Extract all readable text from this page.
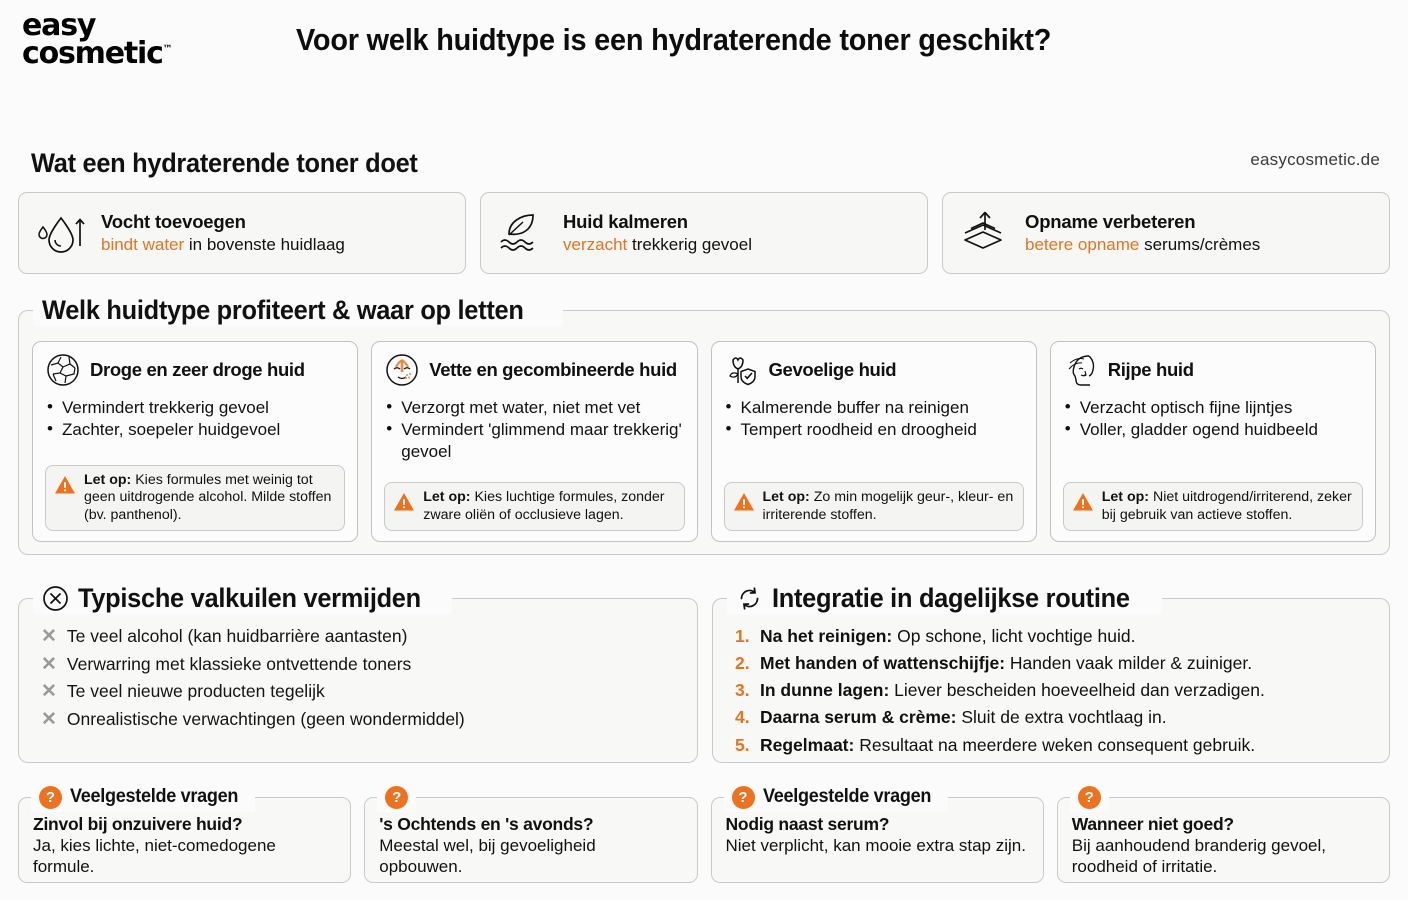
easy
cosmetic™	Voor welk huidtype is een hydraterende toner geschikt?
easycosmetic.de
Wat een hydraterende toner doet
Vocht toevoegen
bindt water in bovenste huidlaag
Huid kalmeren
verzacht trekkerig gevoel
Opname verbeteren
betere opname serums/crèmes
Welk huidtype profiteert & waar op letten
Droge en zeer droge huid
• Vermindert trekkerig gevoel
• Zachter, soepeler huidgevoel
Let op: Kies formules met weinig tot geen uitdrogende alcohol. Milde stoffen (bv. panthenol).
Vette en gecombineerde huid
• Verzorgt met water, niet met vet
• Vermindert 'glimmend maar trekkerig' gevoel
Let op: Kies luchtige formules, zonder zware oliën of occlusieve lagen.
Gevoelige huid
• Kalmerende buffer na reinigen
• Tempert roodheid en droogheid
Let op: Zo min mogelijk geur-, kleur- en irriterende stoffen.
Rijpe huid
• Verzacht optisch fijne lijntjes
• Voller, gladder ogend huidbeeld
Let op: Niet uitdrogend/irriterend, zeker bij gebruik van actieve stoffen.
Typische valkuilen vermijden
✕ Te veel alcohol (kan huidbarrière aantasten)
✕ Verwarring met klassieke ontvettende toners
✕ Te veel nieuwe producten tegelijk
✕ Onrealistische verwachtingen (geen wondermiddel)
Integratie in dagelijkse routine
1. Na het reinigen: Op schone, licht vochtige huid.
2. Met handen of wattenschijfje: Handen vaak milder & zuiniger.
3. In dunne lagen: Liever bescheiden hoeveelheid dan verzadigen.
4. Daarna serum & crème: Sluit de extra vochtlaag in.
5. Regelmaat: Resultaat na meerdere weken consequent gebruik.
? Veelgestelde vragen
Zinvol bij onzuivere huid?
Ja, kies lichte, niet-comedogene formule.
?
's Ochtends en 's avonds?
Meestal wel, bij gevoeligheid opbouwen.
? Veelgestelde vragen
Nodig naast serum?
Niet verplicht, kan mooie extra stap zijn.
?
Wanneer niet goed?
Bij aanhoudend branderig gevoel, roodheid of irritatie.
